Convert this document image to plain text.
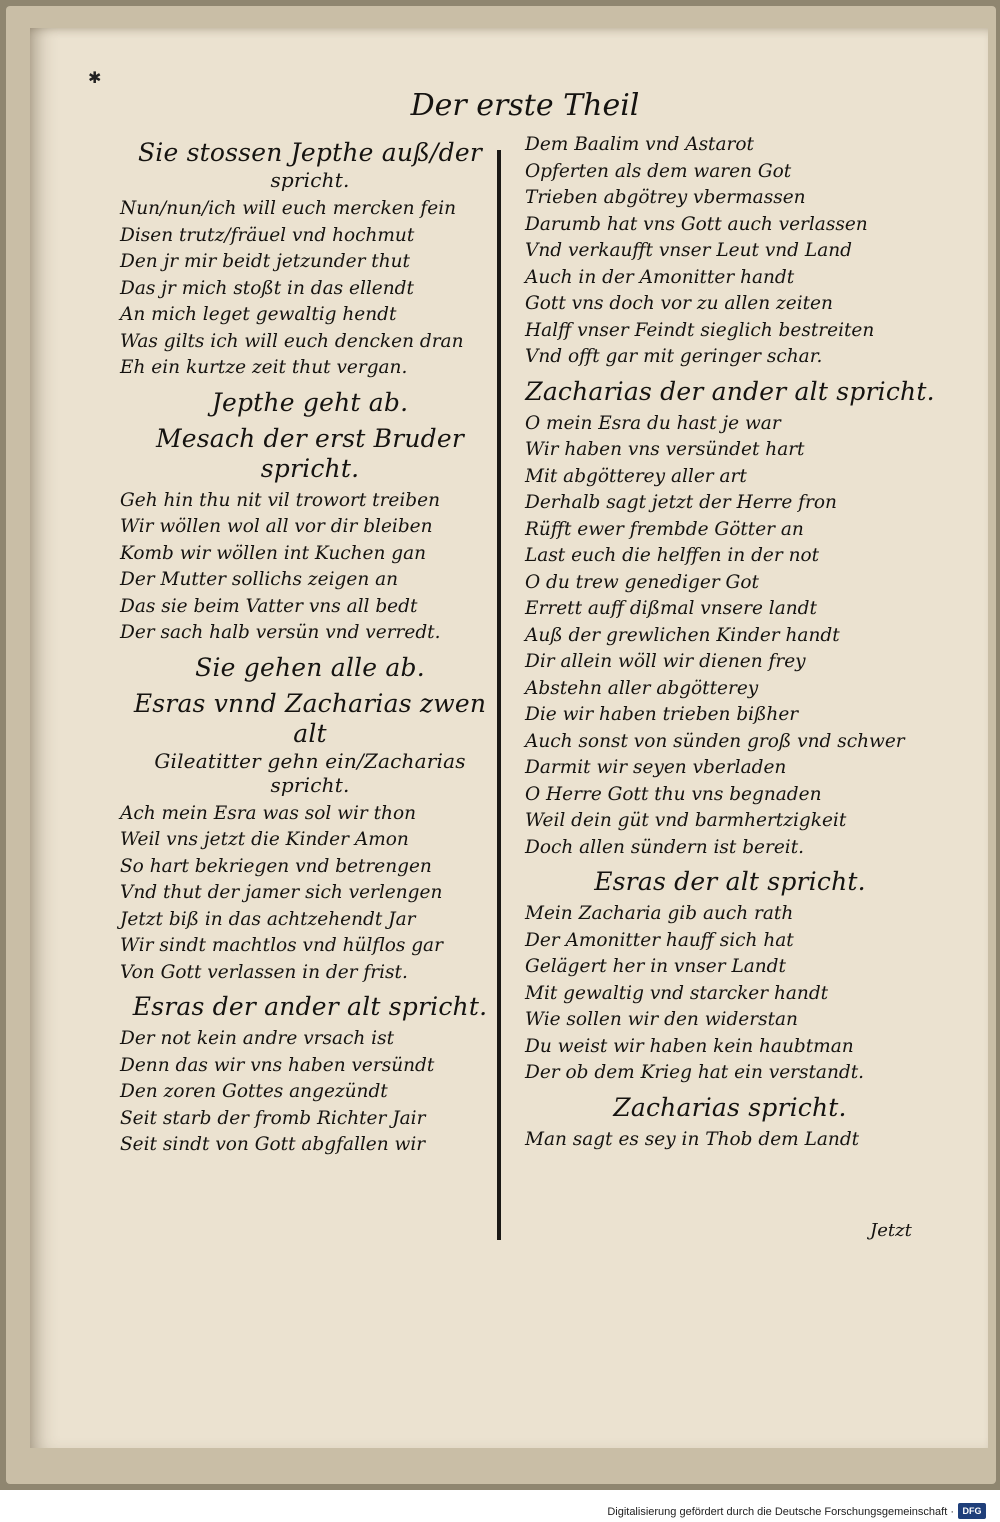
✱
Der erste Theil
Sie stossen Jepthe auß/der
spricht.
Nun/nun/ich will euch mercken fein
Disen trutz/fräuel vnd hochmut
Den jr mir beidt jetzunder thut
Das jr mich stoßt in das ellendt
An mich leget gewaltig hendt
Was gilts ich will euch dencken dran
Eh ein kurtze zeit thut vergan.
Jepthe geht ab.
Mesach der erst Bruder spricht.
Geh hin thu nit vil trowort treiben
Wir wöllen wol all vor dir bleiben
Komb wir wöllen int Kuchen gan
Der Mutter sollichs zeigen an
Das sie beim Vatter vns all bedt
Der sach halb versün vnd verredt.
Sie gehen alle ab.
Esras vnnd Zacharias zwen alt
Gileatitter gehn ein/Zacharias spricht.
Ach mein Esra was sol wir thon
Weil vns jetzt die Kinder Amon
So hart bekriegen vnd betrengen
Vnd thut der jamer sich verlengen
Jetzt biß in das achtzehendt Jar
Wir sindt machtlos vnd hülflos gar
Von Gott verlassen in der frist.
Esras der ander alt spricht.
Der not kein andre vrsach ist
Denn das wir vns haben versündt
Den zoren Gottes angezündt
Seit starb der fromb Richter Jair
Seit sindt von Gott abgfallen wir
Dem Baalim vnd Astarot
Opferten als dem waren Got
Trieben abgötrey vbermassen
Darumb hat vns Gott auch verlassen
Vnd verkaufft vnser Leut vnd Land
Auch in der Amonitter handt
Gott vns doch vor zu allen zeiten
Halff vnser Feindt sieglich bestreiten
Vnd offt gar mit geringer schar.
Zacharias der ander alt spricht.
O mein Esra du hast je war
Wir haben vns versündet hart
Mit abgötterey aller art
Derhalb sagt jetzt der Herre fron
Rüfft ewer frembde Götter an
Last euch die helffen in der not
O du trew genediger Got
Errett auff dißmal vnsere landt
Auß der grewlichen Kinder handt
Dir allein wöll wir dienen frey
Abstehn aller abgötterey
Die wir haben trieben bißher
Auch sonst von sünden groß vnd schwer
Darmit wir seyen vberladen
O Herre Gott thu vns begnaden
Weil dein güt vnd barmhertzigkeit
Doch allen sündern ist bereit.
Esras der alt spricht.
Mein Zacharia gib auch rath
Der Amonitter hauff sich hat
Gelägert her in vnser Landt
Mit gewaltig vnd starcker handt
Wie sollen wir den widerstan
Du weist wir haben kein haubtman
Der ob dem Krieg hat ein verstandt.
Zacharias spricht.
Man sagt es sey in Thob dem Landt
Jetzt
Digitalisierung gefördert durch die Deutsche Forschungsgemeinschaft · DFG
